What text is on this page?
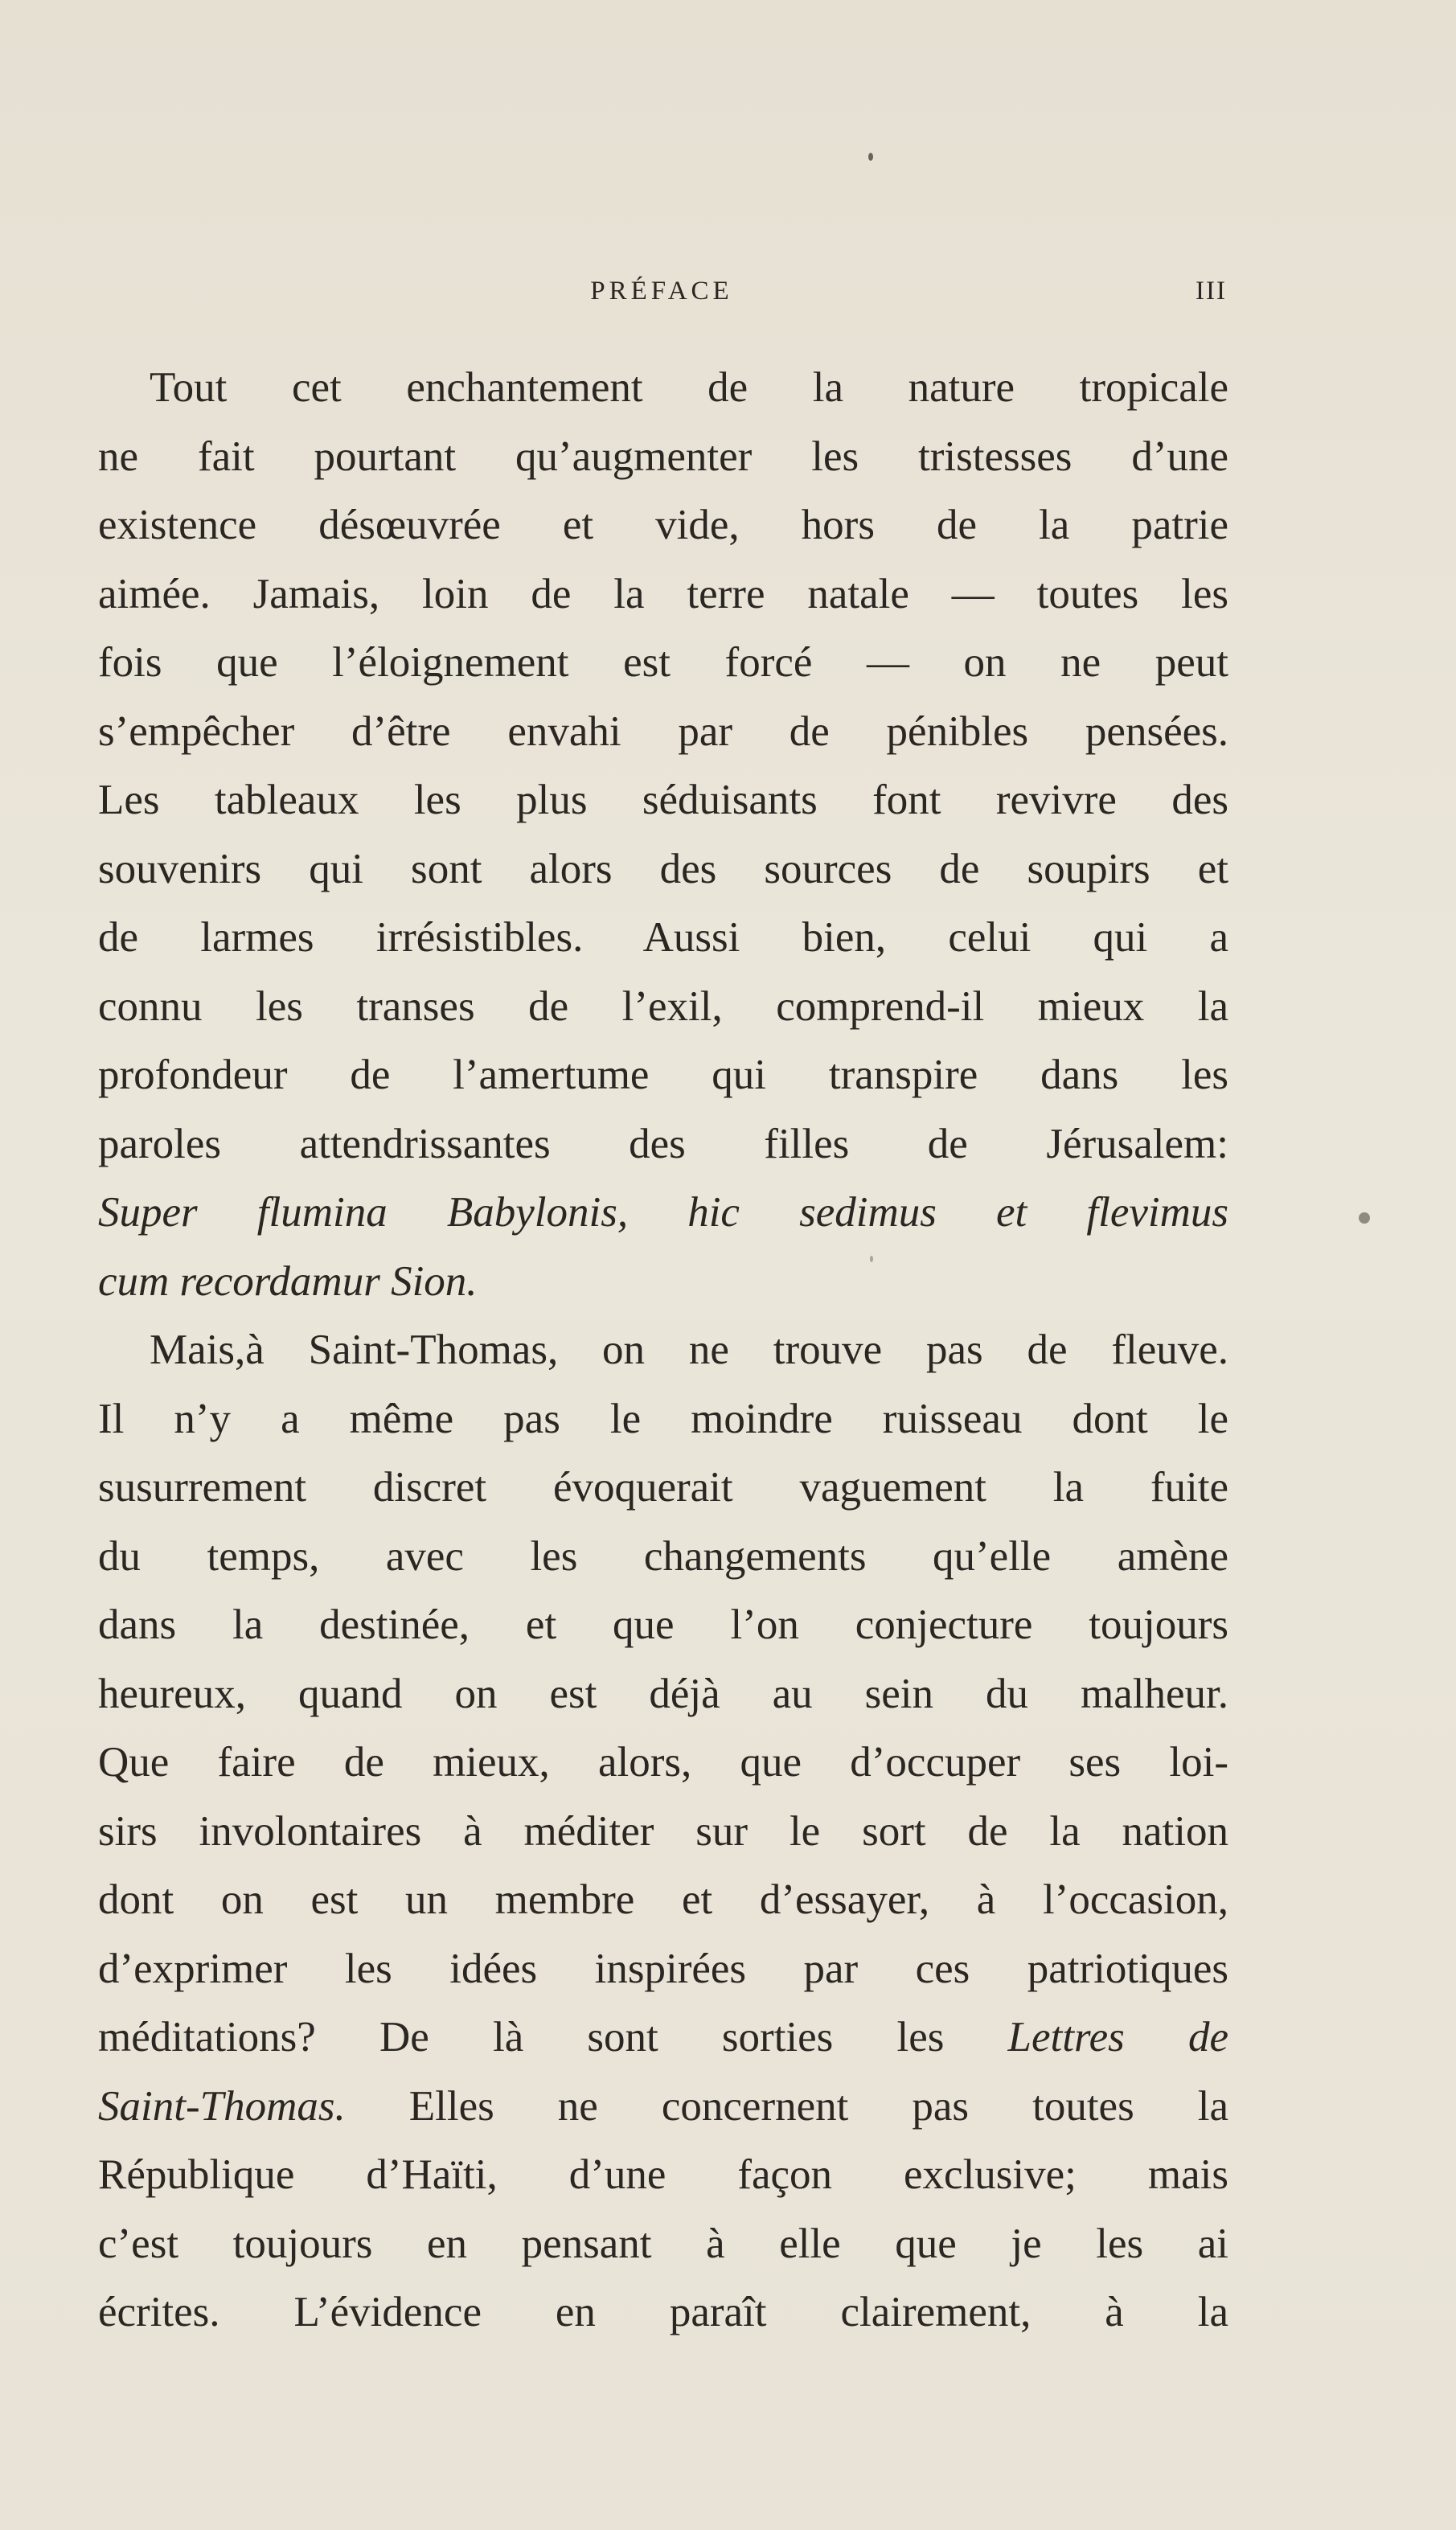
PRÉFACE	III
Tout cet enchantement de la nature tropicale
ne fait pourtant qu’augmenter les tristesses d’une
existence désœuvrée et vide, hors de la patrie
aimée. Jamais, loin de la terre natale — toutes les
fois que l’éloignement est forcé — on ne peut
s’empêcher d’être envahi par de pénibles pensées.
Les tableaux les plus séduisants font revivre des
souvenirs qui sont alors des sources de soupirs et
de larmes irrésistibles. Aussi bien, celui qui a
connu les transes de l’exil, comprend-il mieux la
profondeur de l’amertume qui transpire dans les
paroles attendrissantes des filles de Jérusalem:
Super flumina Babylonis, hic sedimus et flevimus
cum recordamur Sion.
Mais,à Saint-Thomas, on ne trouve pas de fleuve.
Il n’y a même pas le moindre ruisseau dont le
susurrement discret évoquerait vaguement la fuite
du temps, avec les changements qu’elle amène
dans la destinée, et que l’on conjecture toujours
heureux, quand on est déjà au sein du malheur.
Que faire de mieux, alors, que d’occuper ses loi-
sirs involontaires à méditer sur le sort de la nation
dont on est un membre et d’essayer, à l’occasion,
d’exprimer les idées inspirées par ces patriotiques
méditations? De là sont sorties les Lettres de
Saint-Thomas. Elles ne concernent pas toutes la
République d’Haïti, d’une façon exclusive; mais
c’est toujours en pensant à elle que je les ai
écrites. L’évidence en paraît clairement, à la
